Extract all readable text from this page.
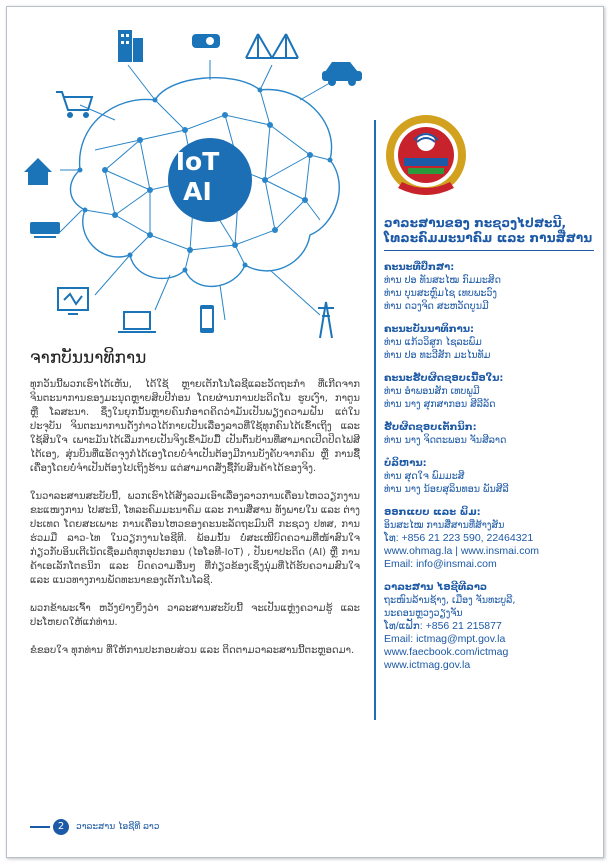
IoT
AI
ຈາກບັນນາທິການ

ທຸກວັນນີ້ພວກເຮົາໄດ້ເຫັນ, ໄດ້ໃຊ້ ຫຼາຍເຕັກໂນໂລຊີແລະວັດຖະກຳ ທີ່ເກີດຈາກຈິນຕະນາການຂອງມະນຸດຫຼາຍສິບປີກ່ອນ ໂດຍຜ່ານການປະດິດໂນ ຮູບເງົາ, ກາຕູນ ຫຼື ໂລສະນາ. ຊຶ່ງໃນຍຸກນັ້ນຫຼາຍຄົນກໍ່ອາດຄິດວ່າມັນເປັນພຽງຄວາມຝັນ ແຕ່ໃນປະຈຸບັນ ຈິນຕະນາການດັ່ງກ່າວໄດ້ກາຍເປັນເລື່ອງລາວທີ່ໃຊ້ທຸກຄົນໄດ້ເຂົ້າເຖິງ ແລະ ໃຊ້ສິນໃຈ ເພາະມັນໄດ້ເລີ່ມກາຍເປັນຈິງເຂົ້າມັບມື້ ເປັນຕົ້ນບ້ານທີ່ສາມາດເປີດປິດໄຟສີໄດ້ເອງ, ສຸ່ນບິນທີ່ແອັດຈຸງກໍໄດ້ເອງໂດຍບໍ່ຈຳເປັນຕ້ອງມີການບັງຄັບຈາກຄົນ ຫຼື ການຊື້ເຄື່ອງໂດຍບໍ່ຈຳເປັນຕ້ອງໄປເຖິງຮ້ານ ແຕ່ສາມາດສັ່ງຊື້ກັບສິນຄ້າໄດ້ຂອງຈິງ.

ໃນວາລະສານສະບັບນີ້, ພວກເຮົາໄດ້ສັງລວມເອົາເລື່ອງລາວການເຄື່ອນໄຫວວຽກງານຂະແໜງການ ໄປສະນີ, ໂທລະຄົມມະນາຄົມ ແລະ ການສື່ສານ ທັງພາຍໃນ ແລະ ຕ່າງປະເທດ ໂດຍສະເພາະ ການເຄື່ອນໄຫວຂອງຄະນະລັດຖະມົນຕີ ກະຊວງ ປທສ, ການຮ່ວມມື ລາວ-ໄທ ໃນວຽກງານໄອຊີທີ. ພ້ອມນັ້ນ ບໍ່ສະເໜີບົດຄວາມທີ່ໜ້າສົນໃຈກ່ຽວກັບອິນເຕີເນັດເຊື່ອມຕໍ່ທຸກອຸປະກອນ (ໄອໂອທີ-IoT) , ປັນຍາປະດິດ (AI) ຫຼື ການຄ້າເອເລັກໂຕຣນິກ ແລະ ບົດຄວາມອື່ນໆ ທີ່ກ່ຽວຂ້ອງເຊິ່ງນຸ່ມທີ່ໄດ້ຮັບຄວາມສົນໃຈ ແລະ ແນວທາງການພັດທະນາຂອງເຕັກໂນໂລຊີ.

ພວກຂ້າພະເຈົ້າ ຫວັງຢ່າງຍິ່ງວ່າ ວາລະສານສະບັບນີ້ ຈະເປັນແຫຼ່ງຄວາມຮູ້ ແລະ ປະໂຫຍດໃຫ້ແກ່ທ່ານ.

ຂໍຂອບໃຈ ທຸກທ່ານ ທີ່ໃຫ້ການປະກອບສ່ວນ ແລະ ຕິດຕາມວາລະສານນີ້ຕະຫຼອດມາ.

ວາລະສານຂອງ ກະຊວງໄປສະນີ,
ໂທລະຄົມມະນາຄົມ ແລະ ການສື່ສານ
ຄະນະທີ່ປຶກສາ:
ທ່ານ ປອ ທັນສະໄໝ ກົມມະສິດ
ທ່ານ ບຸນສະຫຼົມໄຊ ເທບພະວົງ
ທ່ານ ດວງຈິດ ສະຫວັດບູນມີ
ຄະນະບັນນາທິການ:
ທ່ານ ແກ້ວວິສູກ ໄຊລະພົມ
ທ່ານ ປອ ທະວີສັກ ມະໄນທັມ
ຄະນະຮັບຜິດຊອບເນື້ອໃນ:
ທ່ານ ອຳພອນສັກ ເທບພູມີ
ທ່ານ ນາງ ສຸກສາກອນ ສີລີລັດ
ຮັບຜິດຊອບເຕັກນິກ:
ທ່ານ ນາງ ຈິດຕະພອນ ຈັນສີລາດ
ບໍລິຫານ:
ທ່ານ ສຸດໃຈ ພົມມະສີ
ທ່ານ ນາງ ນ້ອຍສຸລິນທອນ ພັນສີລີ
ອອກແບບ ແລະ ພິມ:
ອິນສະໄໝ ການສື່ສານທີ່ສ້າງສັນ
ໂທ: +856 21 223 590, 22464321
www.ohmag.la | www.insmai.com
Email: info@insmai.com
ວາລະສານ ໄອຊີທີລາວ
ຖະໜົນລ້ານຊ້າງ, ເມືອງ ຈັນທະບູລີ,
ນະຄອນຫຼວງວຽງຈັນ
ໂທ/ແຟັກ: +856 21 215877
Email: ictmag@mpt.gov.la
www.faecbook.com/ictmag
www.ictmag.gov.la
2	ວາລະສານ ໄອຊີທີ ລາວ
